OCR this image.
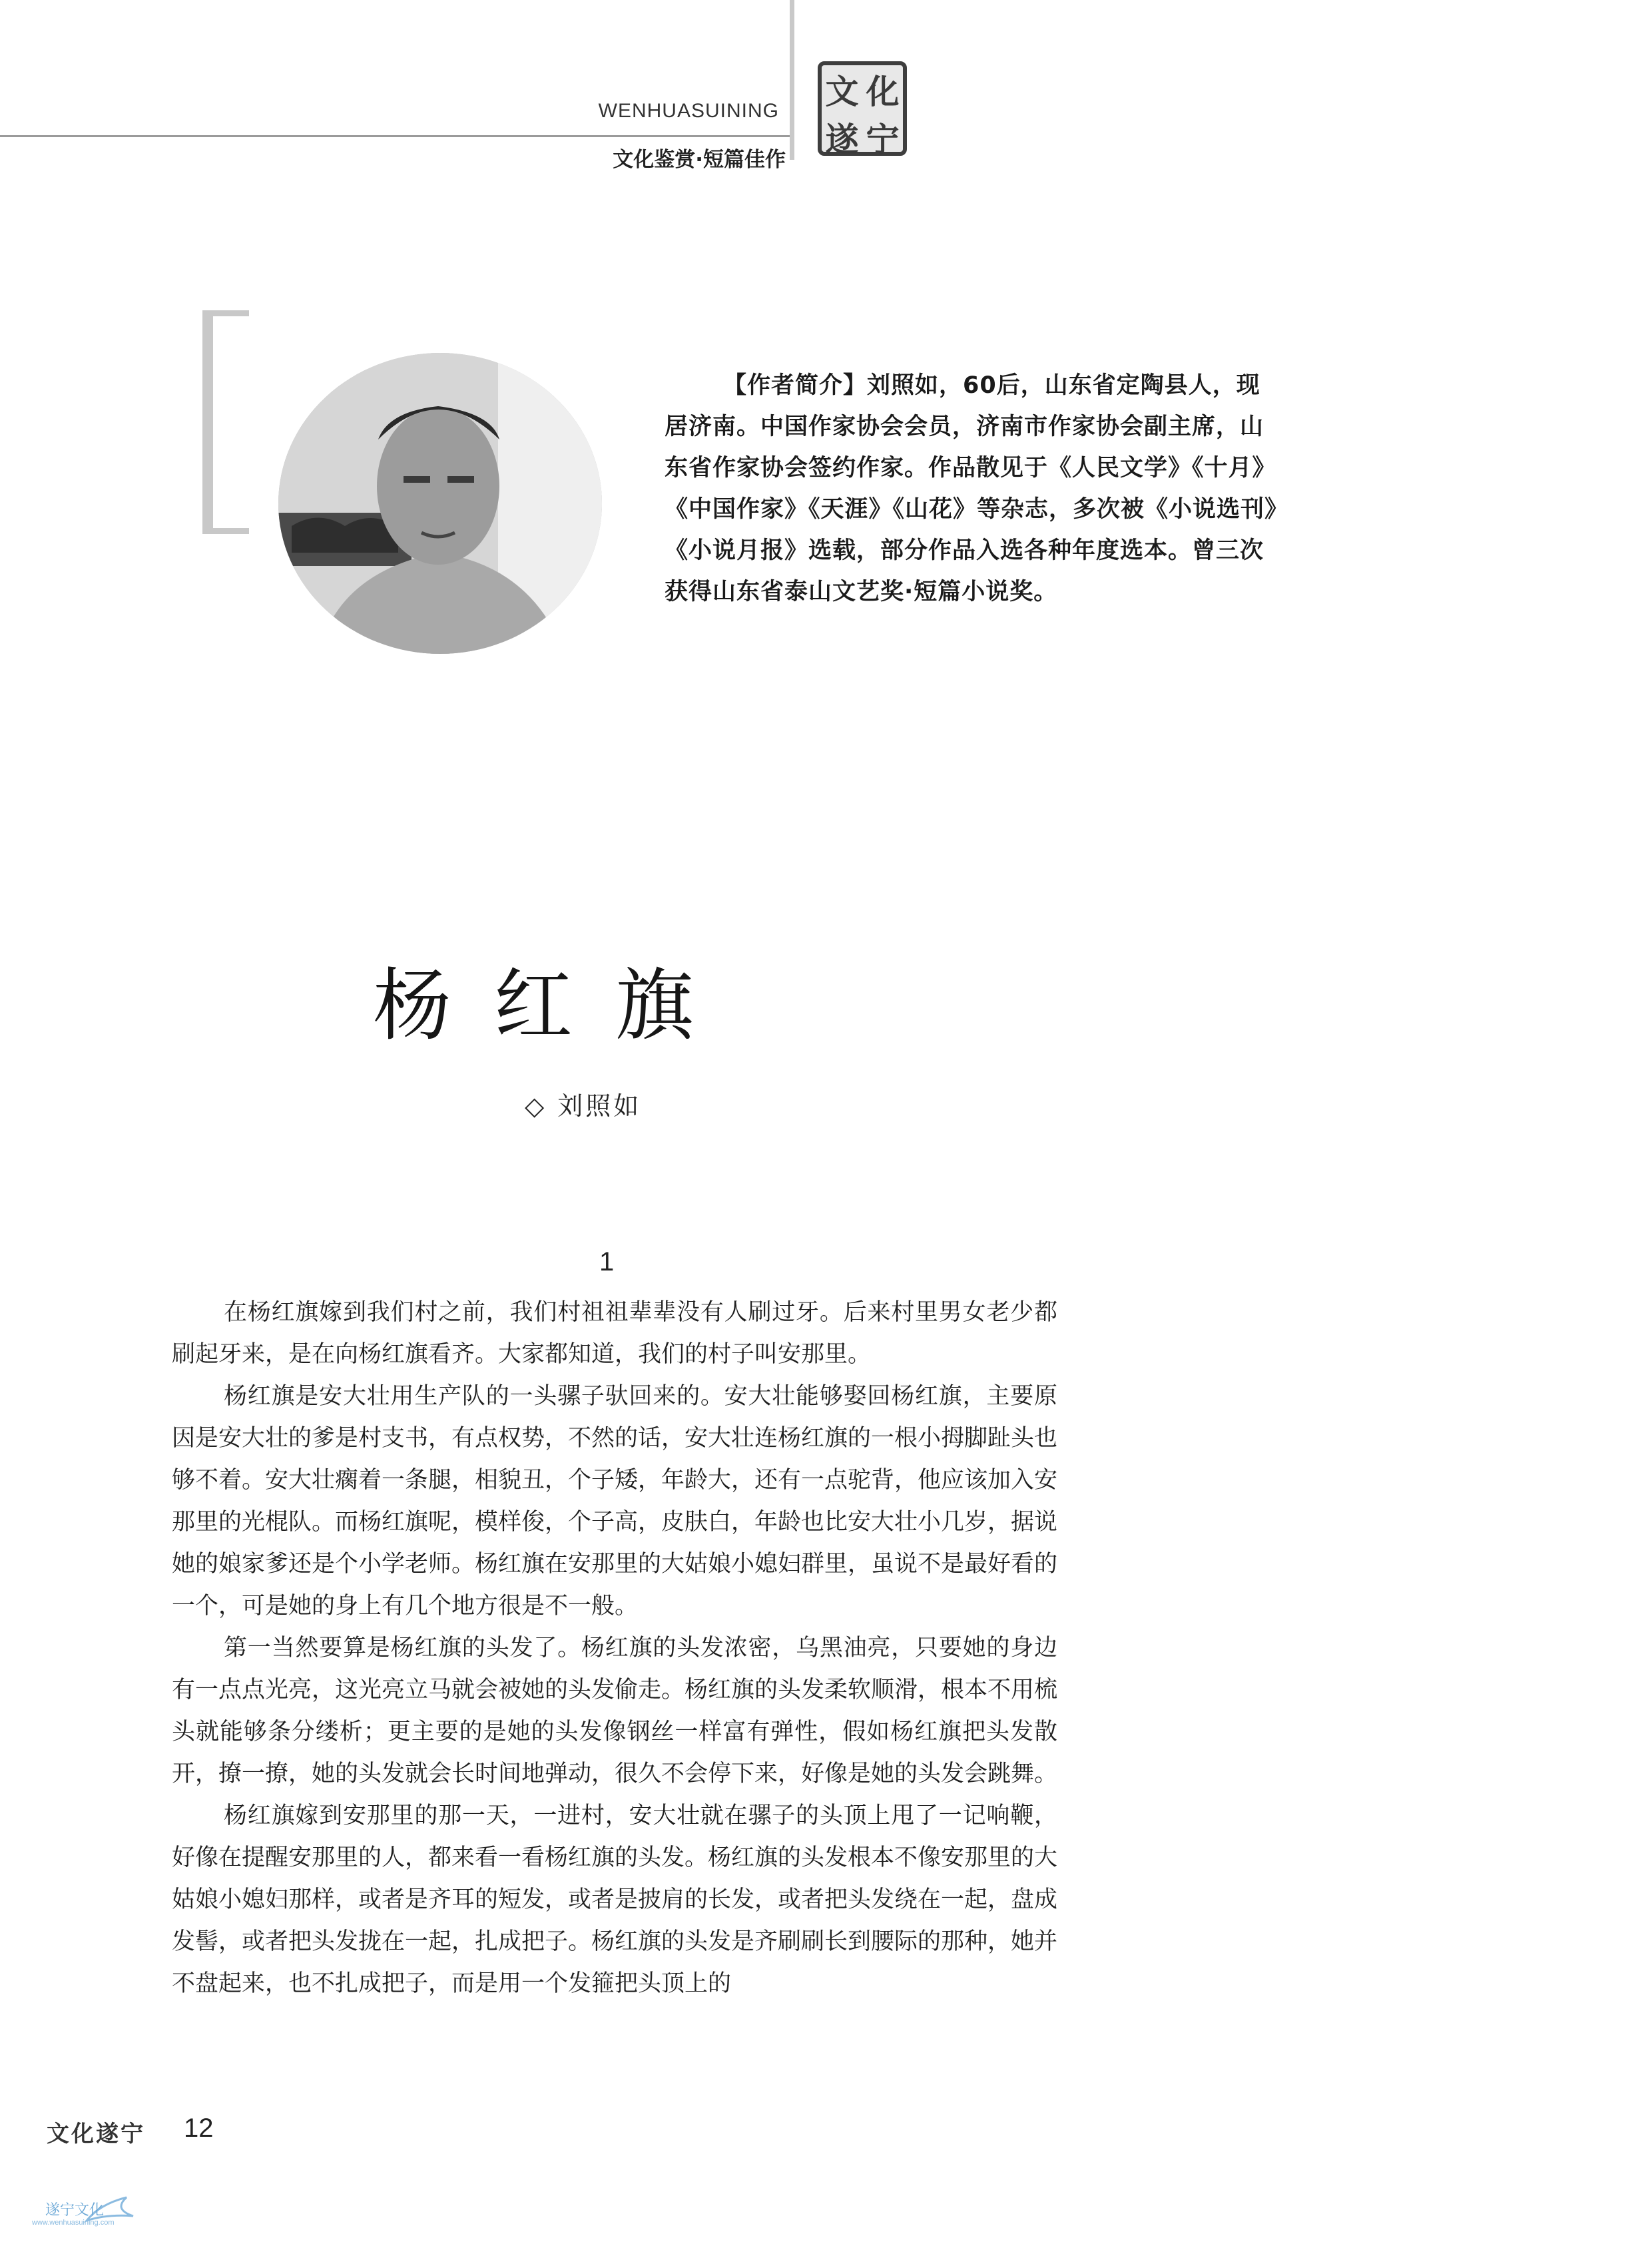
WENHUASUINING
文化鉴赏·短篇佳作
文 化
遂 宁
【作者简介】刘照如，60后，山东省定陶县人，现居济南。中国作家协会会员，济南市作家协会副主席，山东省作家协会签约作家。作品散见于《人民文学》《十月》《中国作家》《天涯》《山花》等杂志，多次被《小说选刊》《小说月报》选载，部分作品入选各种年度选本。曾三次获得山东省泰山文艺奖·短篇小说奖。
杨红旗
◇ 刘照如
1

在杨红旗嫁到我们村之前，我们村祖祖辈辈没有人刷过牙。后来村里男女老少都刷起牙来，是在向杨红旗看齐。大家都知道，我们的村子叫安那里。

杨红旗是安大壮用生产队的一头骡子驮回来的。安大壮能够娶回杨红旗，主要原因是安大壮的爹是村支书，有点权势，不然的话，安大壮连杨红旗的一根小拇脚趾头也够不着。安大壮瘸着一条腿，相貌丑，个子矮，年龄大，还有一点驼背，他应该加入安那里的光棍队。而杨红旗呢，模样俊，个子高，皮肤白，年龄也比安大壮小几岁，据说她的娘家爹还是个小学老师。杨红旗在安那里的大姑娘小媳妇群里，虽说不是最好看的一个，可是她的身上有几个地方很是不一般。

第一当然要算是杨红旗的头发了。杨红旗的头发浓密，乌黑油亮，只要她的身边有一点点光亮，这光亮立马就会被她的头发偷走。杨红旗的头发柔软顺滑，根本不用梳头就能够条分缕析；更主要的是她的头发像钢丝一样富有弹性，假如杨红旗把头发散开，撩一撩，她的头发就会长时间地弹动，很久不会停下来，好像是她的头发会跳舞。

杨红旗嫁到安那里的那一天，一进村，安大壮就在骡子的头顶上甩了一记响鞭，好像在提醒安那里的人，都来看一看杨红旗的头发。杨红旗的头发根本不像安那里的大姑娘小媳妇那样，或者是齐耳的短发，或者是披肩的长发，或者把头发绕在一起，盘成发髻，或者把头发拢在一起，扎成把子。杨红旗的头发是齐刷刷长到腰际的那种，她并不盘起来，也不扎成把子，而是用一个发箍把头顶上的

文化遂宁 12
遂宁文化
www.wenhuasuining.com
